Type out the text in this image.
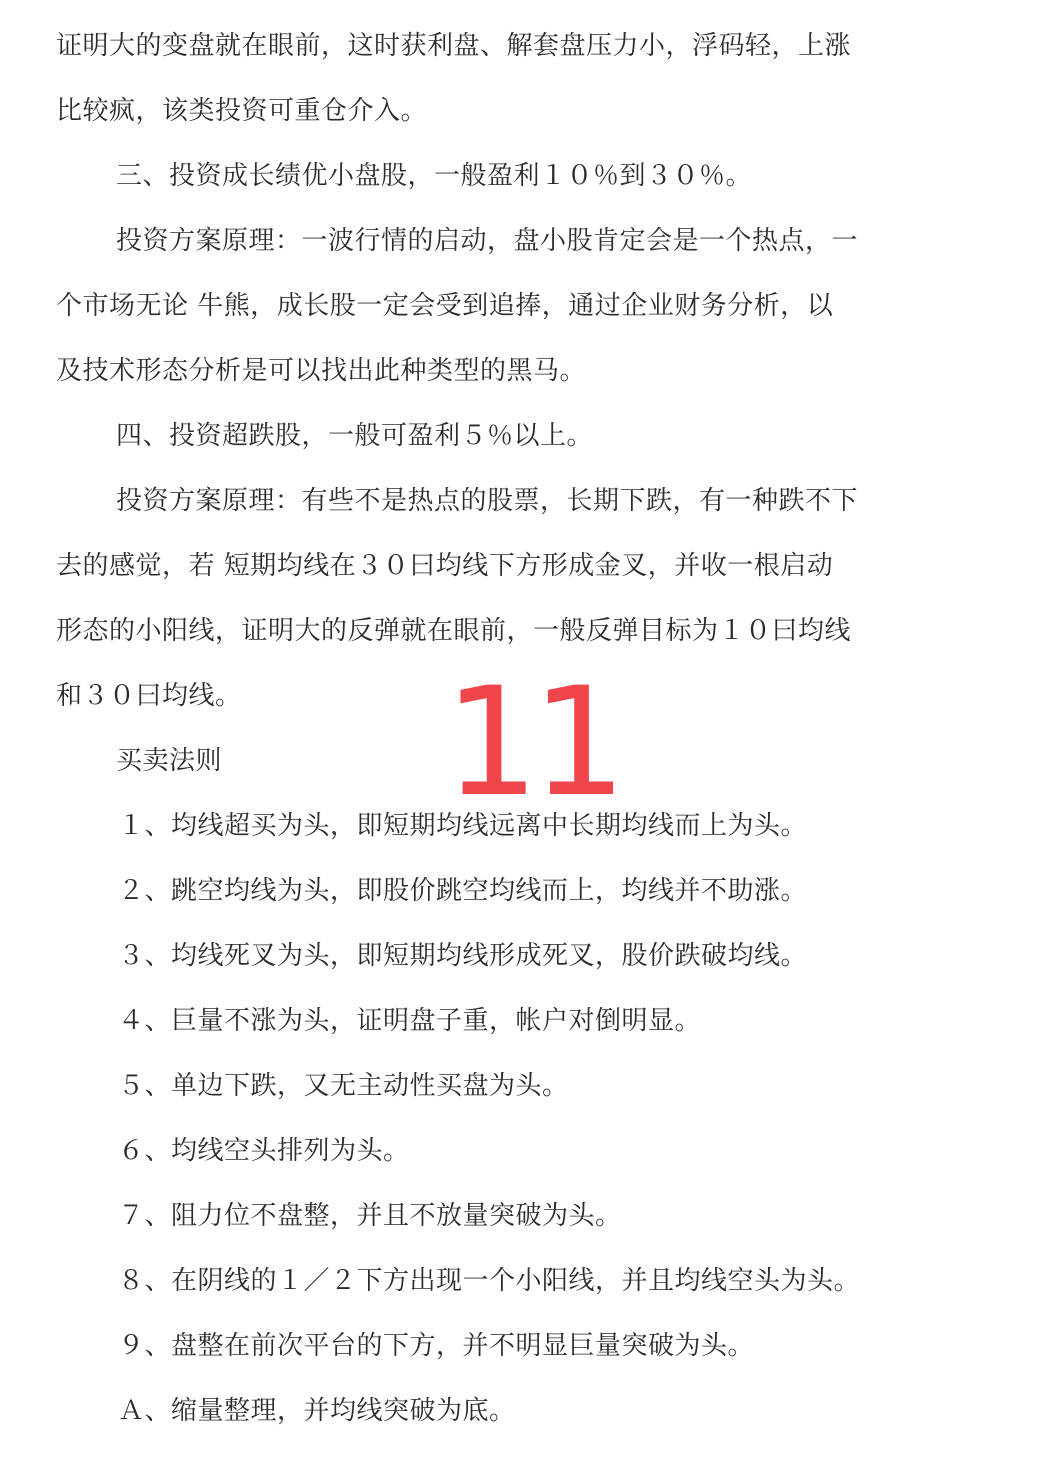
证明大的变盘就在眼前，这时获利盘、解套盘压力小，浮码轻，上涨
比较疯，该类投资可重仓介入。
三、投资成长绩优小盘股，一般盈利１０％到３０％。
投资方案原理：一波行情的启动，盘小股肯定会是一个热点，一
个市场无论 牛熊，成长股一定会受到追捧，通过企业财务分析，以
及技术形态分析是可以找出此种类型的黑马。
四、投资超跌股，一般可盈利５％以上。
投资方案原理：有些不是热点的股票，长期下跌，有一种跌不下
去的感觉，若 短期均线在３０曰均线下方形成金叉，并收一根启动
形态的小阳线，证明大的反弹就在眼前，一般反弹目标为１０曰均线
和３０曰均线。
买卖法则
１、均线超买为头，即短期均线远离中长期均线而上为头。
２、跳空均线为头，即股价跳空均线而上，均线并不助涨。
３、均线死叉为头，即短期均线形成死叉，股价跌破均线。
４、巨量不涨为头，证明盘子重，帐户对倒明显。
５、单边下跌，又无主动性买盘为头。
６、均线空头排列为头。
７、阻力位不盘整，并且不放量突破为头。
８、在阴线的１／２下方出现一个小阳线，并且均线空头为头。
９、盘整在前次平台的下方，并不明显巨量突破为头。
Ａ、缩量整理，并均线突破为底。
11
